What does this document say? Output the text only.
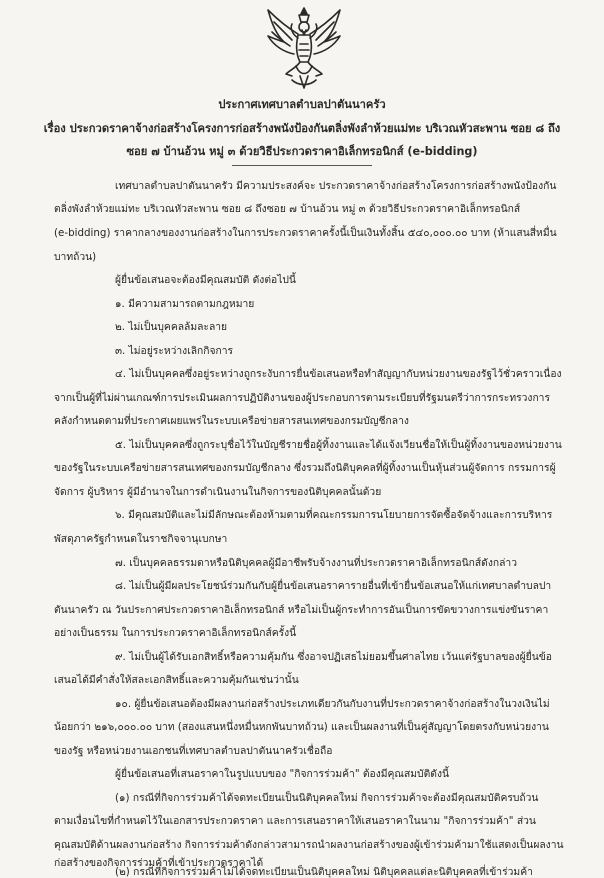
ประกาศเทศบาลตำบลปาตันนาครัว
เรื่อง ประกวดราคาจ้างก่อสร้างโครงการก่อสร้างพนังป้องกันตลิ่งพังลำห้วยแม่ทะ บริเวณหัวสะพาน ซอย ๘ ถึง
ซอย ๗ บ้านอ้วน หมู่ ๓ ด้วยวิธีประกวดราคาอิเล็กทรอนิกส์ (e-bidding)
เทศบาลตำบลปาตันนาครัว มีความประสงค์จะ ประกวดราคาจ้างก่อสร้างโครงการก่อสร้างพนังป้องกัน
ตลิ่งพังลำห้วยแม่ทะ บริเวณหัวสะพาน ซอย ๘ ถึงซอย ๗ บ้านอ้วน หมู่ ๓ ด้วยวิธีประกวดราคาอิเล็กทรอนิกส์
(e-bidding) ราคากลางของงานก่อสร้างในการประกวดราคาครั้งนี้เป็นเงินทั้งสิ้น ๕๔๐,๐๐๐.๐๐ บาท (ห้าแสนสี่หมื่น
บาทถ้วน)
ผู้ยื่นข้อเสนอจะต้องมีคุณสมบัติ ดังต่อไปนี้
๑. มีความสามารถตามกฎหมาย
๒. ไม่เป็นบุคคลล้มละลาย
๓. ไม่อยู่ระหว่างเลิกกิจการ
๔. ไม่เป็นบุคคลซึ่งอยู่ระหว่างถูกระงับการยื่นข้อเสนอหรือทำสัญญากับหน่วยงานของรัฐไว้ชั่วคราวเนื่อง
จากเป็นผู้ที่ไม่ผ่านเกณฑ์การประเมินผลการปฏิบัติงานของผู้ประกอบการตามระเบียบที่รัฐมนตรีว่าการกระทรวงการ
คลังกำหนดตามที่ประกาศเผยแพร่ในระบบเครือข่ายสารสนเทศของกรมบัญชีกลาง
๕. ไม่เป็นบุคคลซึ่งถูกระบุชื่อไว้ในบัญชีรายชื่อผู้ทิ้งงานและได้แจ้งเวียนชื่อให้เป็นผู้ทิ้งงานของหน่วยงาน
ของรัฐในระบบเครือข่ายสารสนเทศของกรมบัญชีกลาง ซึ่งรวมถึงนิติบุคคลที่ผู้ทิ้งงานเป็นหุ้นส่วนผู้จัดการ กรรมการผู้
จัดการ ผู้บริหาร ผู้มีอำนาจในการดำเนินงานในกิจการของนิติบุคคลนั้นด้วย
๖. มีคุณสมบัติและไม่มีลักษณะต้องห้ามตามที่คณะกรรมการนโยบายการจัดซื้อจัดจ้างและการบริหาร
พัสดุภาครัฐกำหนดในราชกิจจานุเบกษา
๗. เป็นบุคคลธรรมดาหรือนิติบุคคลผู้มีอาชีพรับจ้างงานที่ประกวดราคาอิเล็กทรอนิกส์ดังกล่าว
๘. ไม่เป็นผู้มีผลประโยชน์ร่วมกันกับผู้ยื่นข้อเสนอราคารายอื่นที่เข้ายื่นข้อเสนอให้แก่เทศบาลตำบลปา
ตันนาครัว ณ วันประกาศประกวดราคาอิเล็กทรอนิกส์ หรือไม่เป็นผู้กระทำการอันเป็นการขัดขวางการแข่งขันราคา
อย่างเป็นธรรม ในการประกวดราคาอิเล็กทรอนิกส์ครั้งนี้
๙. ไม่เป็นผู้ได้รับเอกสิทธิ์หรือความคุ้มกัน ซึ่งอาจปฏิเสธไม่ยอมขึ้นศาลไทย เว้นแต่รัฐบาลของผู้ยื่นข้อ
เสนอได้มีคำสั่งให้สละเอกสิทธิ์และความคุ้มกันเช่นว่านั้น
๑๐. ผู้ยื่นข้อเสนอต้องมีผลงานก่อสร้างประเภทเดียวกันกับงานที่ประกวดราคาจ้างก่อสร้างในวงเงินไม่
น้อยกว่า ๒๑๖,๐๐๐.๐๐ บาท (สองแสนหนึ่งหมื่นหกพันบาทถ้วน) และเป็นผลงานที่เป็นคู่สัญญาโดยตรงกับหน่วยงาน
ของรัฐ หรือหน่วยงานเอกชนที่เทศบาลตำบลปาตันนาครัวเชื่อถือ
ผู้ยื่นข้อเสนอที่เสนอราคาในรูปแบบของ "กิจการร่วมค้า" ต้องมีคุณสมบัติดังนี้
(๑) กรณีที่กิจการร่วมค้าได้จดทะเบียนเป็นนิติบุคคลใหม่ กิจการร่วมค้าจะต้องมีคุณสมบัติครบถ้วน
ตามเงื่อนไขที่กำหนดไว้ในเอกสารประกวดราคา และการเสนอราคาให้เสนอราคาในนาม "กิจการร่วมค้า" ส่วน
คุณสมบัติด้านผลงานก่อสร้าง กิจการร่วมค้าดังกล่าวสามารถนำผลงานก่อสร้างของผู้เข้าร่วมค้ามาใช้แสดงเป็นผลงาน
ก่อสร้างของกิจการร่วมค้าที่เข้าประกวดราคาได้
(๒) กรณีที่กิจการร่วมค้าไม่ได้จดทะเบียนเป็นนิติบุคคลใหม่ นิติบุคคลแต่ละนิติบุคคลที่เข้าร่วมค้า
